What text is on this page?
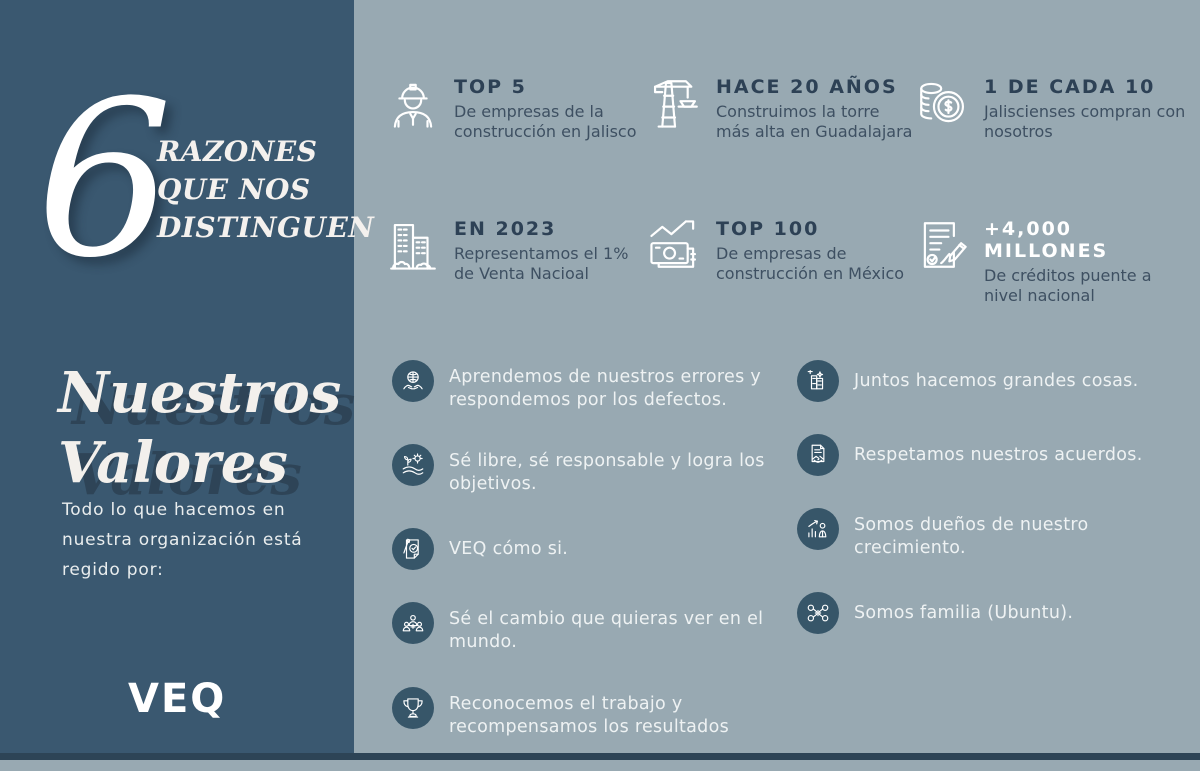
6
RAZONES
QUE NOS
DISTINGUEN
Nuestros
Valores
Todo lo que hacemos en nuestra organización está regido por:
VEQ
TOP 5
De empresas de la construcción en Jalisco
HACE 20 AÑOS
Construimos la torre más alta en Guadalajara
1 DE CADA 10
Jaliscienses compran con nosotros
EN 2023
Representamos el 1% de Venta Nacioal
TOP 100
De empresas de construcción en México
+4,000 MILLONES
De créditos puente a nivel nacional
Aprendemos de nuestros errores y respondemos por los defectos.
Sé libre, sé responsable y logra los objetivos.
VEQ cómo si.
Sé el cambio que quieras ver en el mundo.
Reconocemos el trabajo y recompensamos los resultados
Juntos hacemos grandes cosas.
Respetamos nuestros acuerdos.
Somos dueños de nuestro crecimiento.
Somos familia (Ubuntu).
